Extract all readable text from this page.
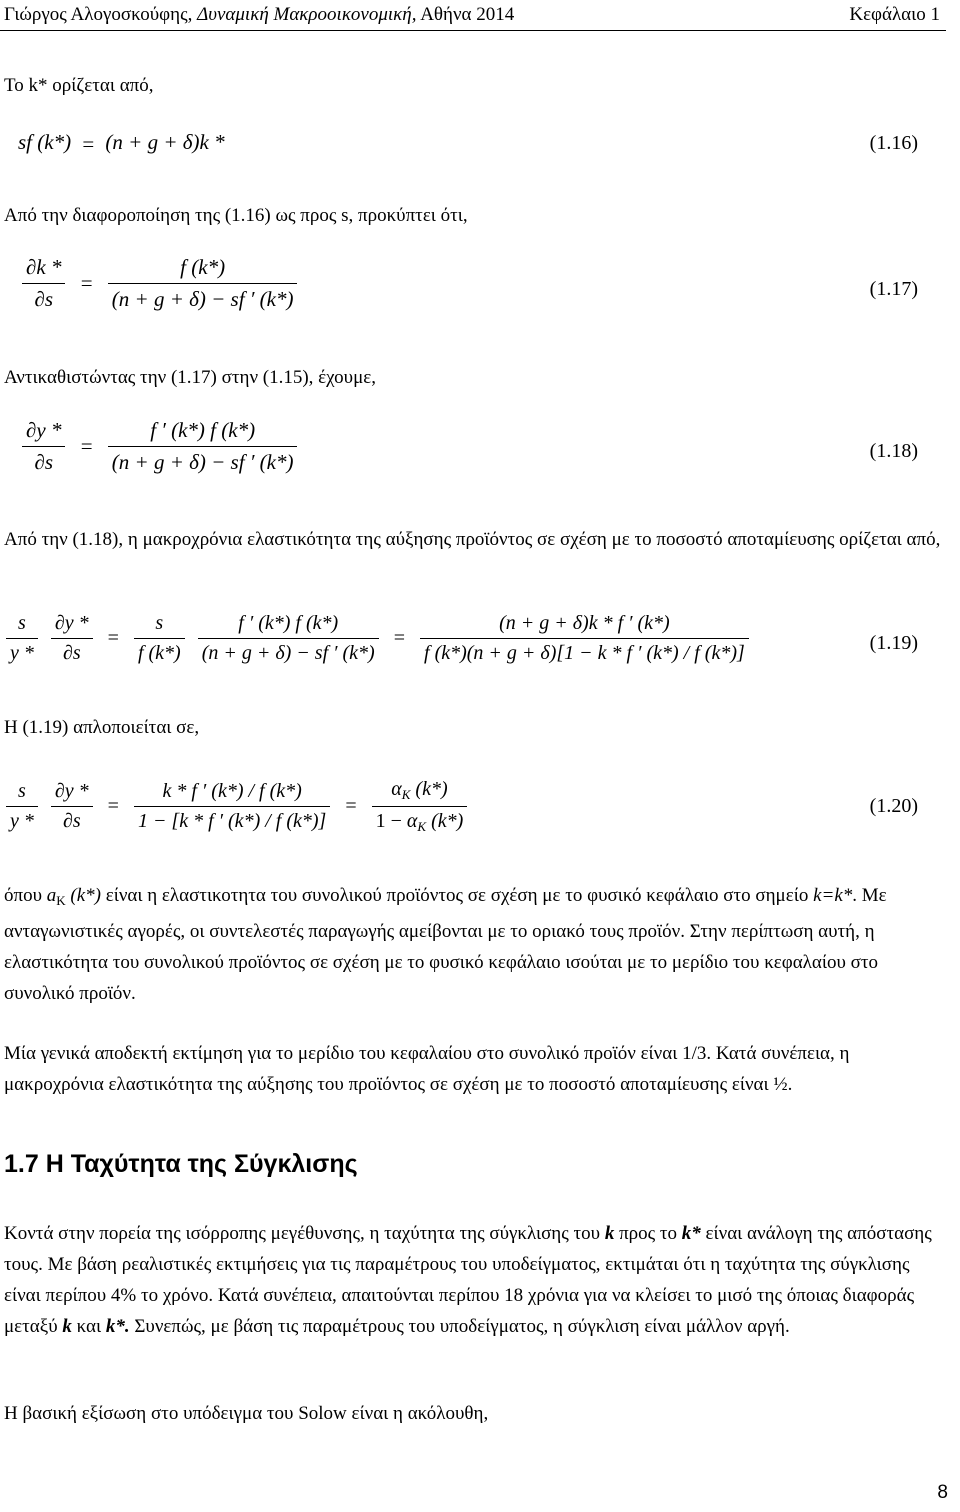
Γιώργος Αλογοσκούφης, Δυναμική Μακροοικονομική, Αθήνα 2014	Κεφάλαιο 1

Το k* ορίζεται από,

sf (k*) = (n + g + δ)k *	(1.16)

Από την διαφοροποίηση της (1.16) ως προς s, προκύπτει ότι,

$\frac{\partial k *}{\partial s} = \frac{f (k*)}{(n + g + \delta) - sf ' (k*)}$	(1.17)

Αντικαθιστώντας την (1.17) στην (1.15), έχουμε,

$\frac{\partial y *}{\partial s} = \frac{f ' (k*) f (k*)}{(n + g + \delta) - sf ' (k*)}$	(1.18)

Από την (1.18), η μακροχρόνια ελαστικότητα της αύξησης προϊόντος σε σχέση με το ποσοστό αποταμίευσης ορίζεται από,

$\frac{s}{y *}$
$\frac{\partial y *}{\partial s} = \frac{s}{f (k*)}$
$\frac{f ' (k*) f (k*)}{(n + g + \delta) - sf ' (k*)} = \frac{(n + g + \delta)k * f ' (k*)}{f (k*)(n + g + \delta)[1 - k * f ' (k*) / f (k*)]}$	(1.19)

Η (1.19) απλοποιείται σε,

$\frac{s}{y *}$
$\frac{\partial y *}{\partial s} = \frac{k * f ' (k*) / f (k*)}{1 - [k * f ' (k*) / f (k*)]} = \frac{\alpha_K (k*)}{1 - \alpha_K (k*)}$	(1.20)

όπου $a_K$ (k*) είναι η ελαστικοτητα του συνολικού προϊόντος σε σχέση με το φυσικό κεφάλαιο στο σημείο k=k*. Με ανταγωνιστικές αγορές, οι συντελεστές παραγωγής αμείβονται με το οριακό τους προϊόν. Στην περίπτωση αυτή, η ελαστικότητα του συνολικού προϊόντος σε σχέση με το φυσικό κεφάλαιο ισούται με το μερίδιο του κεφαλαίου στο συνολικό προϊόν.

Μία γενικά αποδεκτή εκτίμηση για το μερίδιο του κεφαλαίου στο συνολικό προϊόν είναι 1/3. Κατά συνέπεια, η μακροχρόνια ελαστικότητα της αύξησης του προϊόντος σε σχέση με το ποσοστό αποταμίευσης είναι ½.

1.7 Η Ταχύτητα της Σύγκλισης

Κοντά στην πορεία της ισόρροπης μεγέθυνσης, η ταχύτητα της σύγκλισης του k προς το k* είναι ανάλογη της απόστασης τους. Με βάση ρεαλιστικές εκτιμήσεις για τις παραμέτρους του υποδείγματος, εκτιμάται ότι η ταχύτητα της σύγκλισης είναι περίπου 4% το χρόνο. Κατά συνέπεια, απαιτούνται περίπου 18 χρόνια για να κλείσει το μισό της όποιας διαφοράς μεταξύ k και k*. Συνεπώς, με βάση τις παραμέτρους του υποδείγματος, η σύγκλιση είναι μάλλον αργή.

Η βασική εξίσωση στο υπόδειγμα του Solow είναι η ακόλουθη,

8
